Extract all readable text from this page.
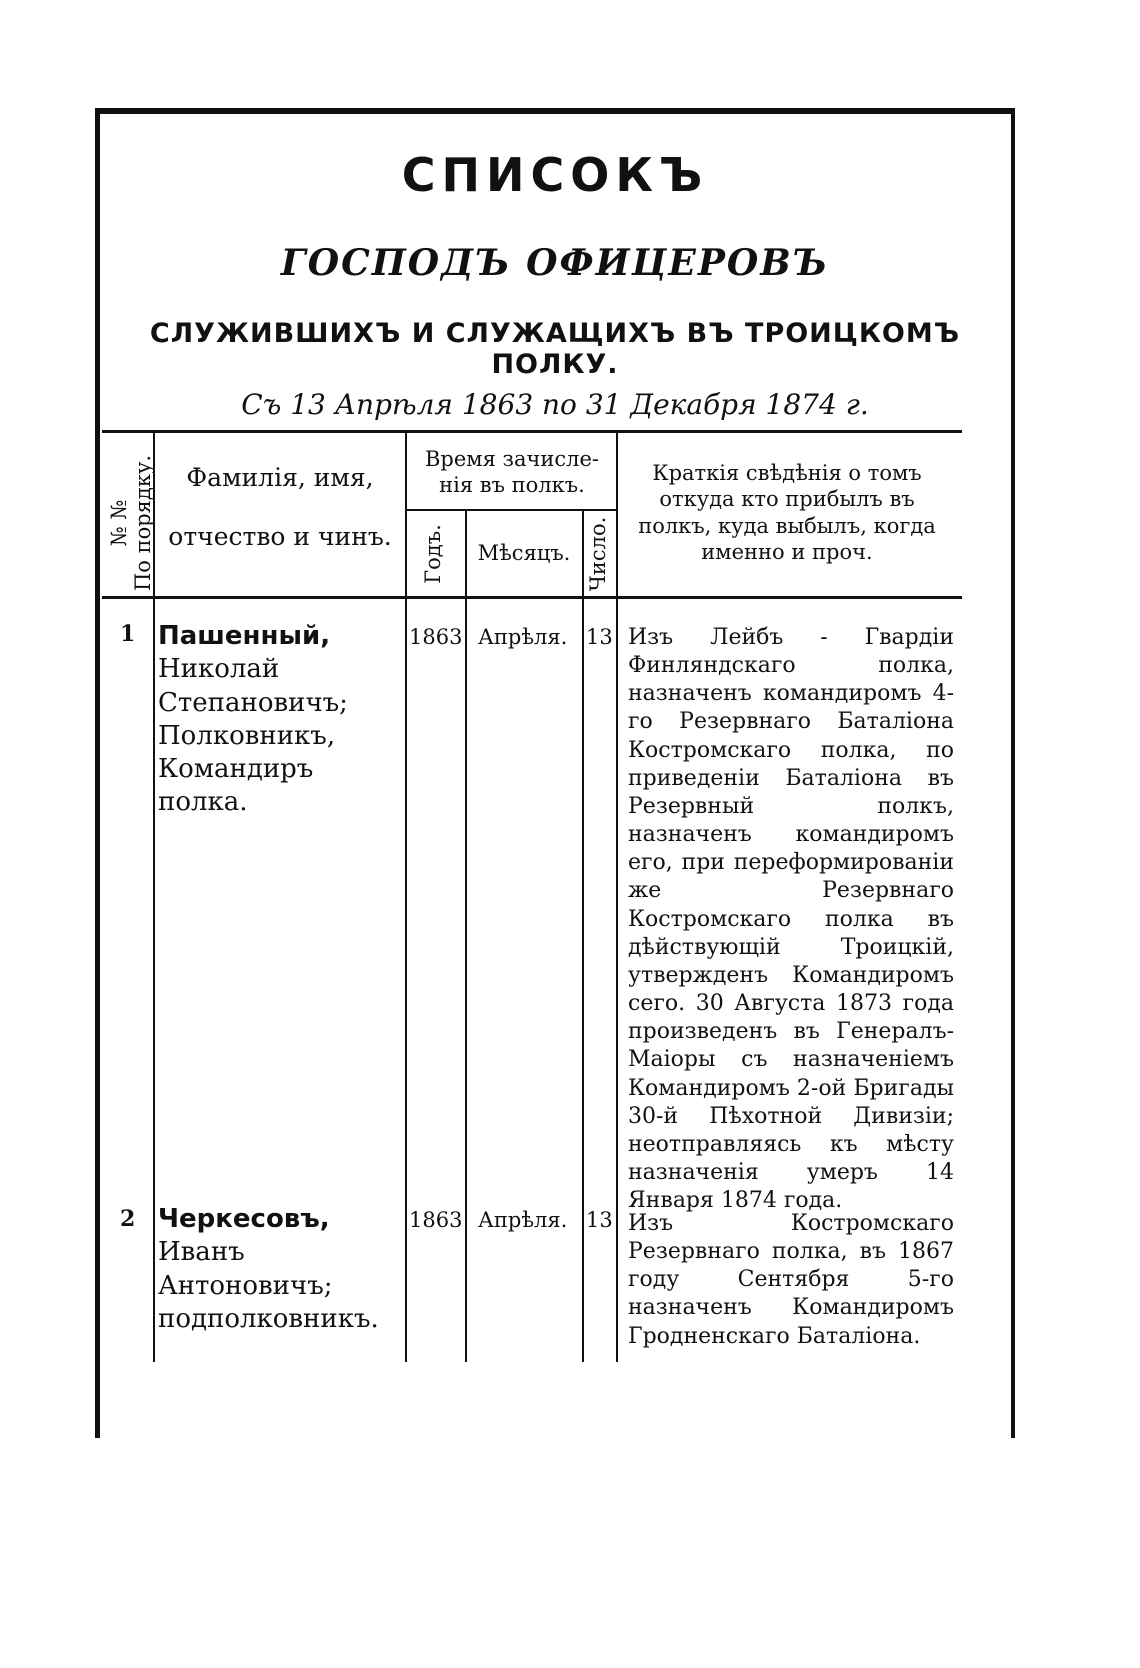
СПИСОКЪ
ГОСПОДЪ ОФИЦЕРОВЪ
СЛУЖИВШИХЪ И СЛУЖАЩИХЪ ВЪ ТРОИЦКОМЪ ПОЛКУ.

Съ 13 Апрѣля 1863 по 31 Декабря 1874 г.

№ № По порядку.	Фамилія, имя,
отчество и чинъ.
Время зачисле-нія въ полкъ.
Годъ.	Мѣсяцъ. Число.
Краткія свѣдѣнія о томъ откуда кто прибылъ въ полкъ, куда выбылъ, когда именно и проч.
1 Пашенный, Николай Степановичъ; Полковникъ, Командиръ полка.
1863 Апрѣля. 13 Изъ Лейбъ - Гвардіи Финляндскаго полка, назначенъ командиромъ 4-го Резервнаго Баталіона Костромскаго полка, по приведеніи Баталіона въ Резервный полкъ, назначенъ командиромъ его, при переформированіи же Резервнаго Костромскаго полка въ дѣйствующій Троицкій, утвержденъ Командиромъ сего. 30 Августа 1873 года произведенъ въ Генералъ-Маіоры съ назначеніемъ Командиромъ 2-ой Бригады 30-й Пѣхотной Дивизіи; неотправляясь къ мѣсту назначенія умеръ 14 Января 1874 года.
2 Черкесовъ, Иванъ Антоновичъ; подполковникъ.
1863 Апрѣля. 13 Изъ Костромскаго Резервнаго полка, въ 1867 году Сентября 5-го назначенъ Командиромъ Гродненскаго Баталіона.
